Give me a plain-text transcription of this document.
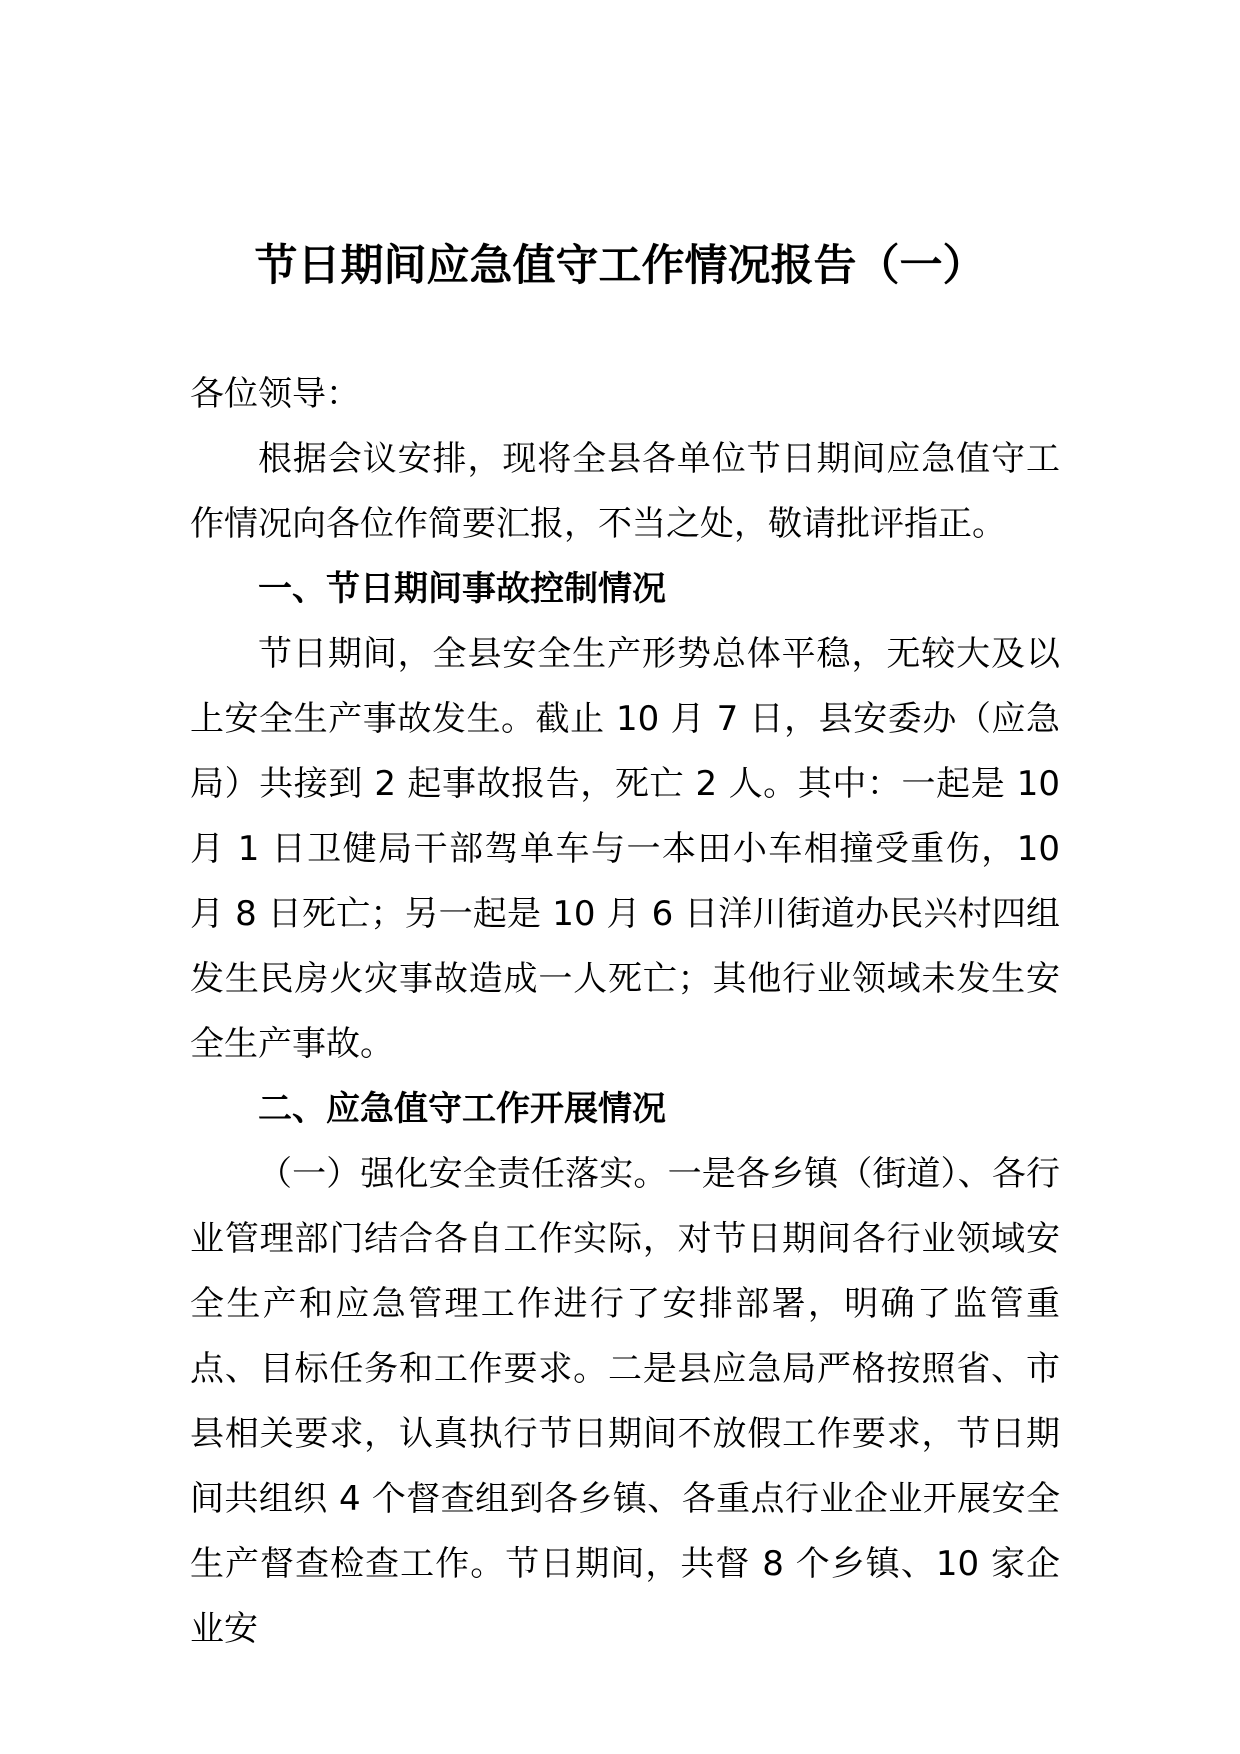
节日期间应急值守工作情况报告（一）

各位领导：

根据会议安排，现将全县各单位节日期间应急值守工作情况向各位作简要汇报，不当之处，敬请批评指正。

一、节日期间事故控制情况

节日期间，全县安全生产形势总体平稳，无较大及以上安全生产事故发生。截止 10 月 7 日，县安委办（应急局）共接到 2 起事故报告，死亡 2 人。其中：一起是 10 月 1 日卫健局干部驾单车与一本田小车相撞受重伤，10 月 8 日死亡；另一起是 10 月 6 日洋川街道办民兴村四组发生民房火灾事故造成一人死亡；其他行业领域未发生安全生产事故。

二、应急值守工作开展情况

（一）强化安全责任落实。一是各乡镇（街道）、各行业管理部门结合各自工作实际，对节日期间各行业领域安全生产和应急管理工作进行了安排部署，明确了监管重点、目标任务和工作要求。二是县应急局严格按照省、市县相关要求，认真执行节日期间不放假工作要求，节日期间共组织 4 个督查组到各乡镇、各重点行业企业开展安全生产督查检查工作。节日期间，共督 8 个乡镇、10 家企业安
